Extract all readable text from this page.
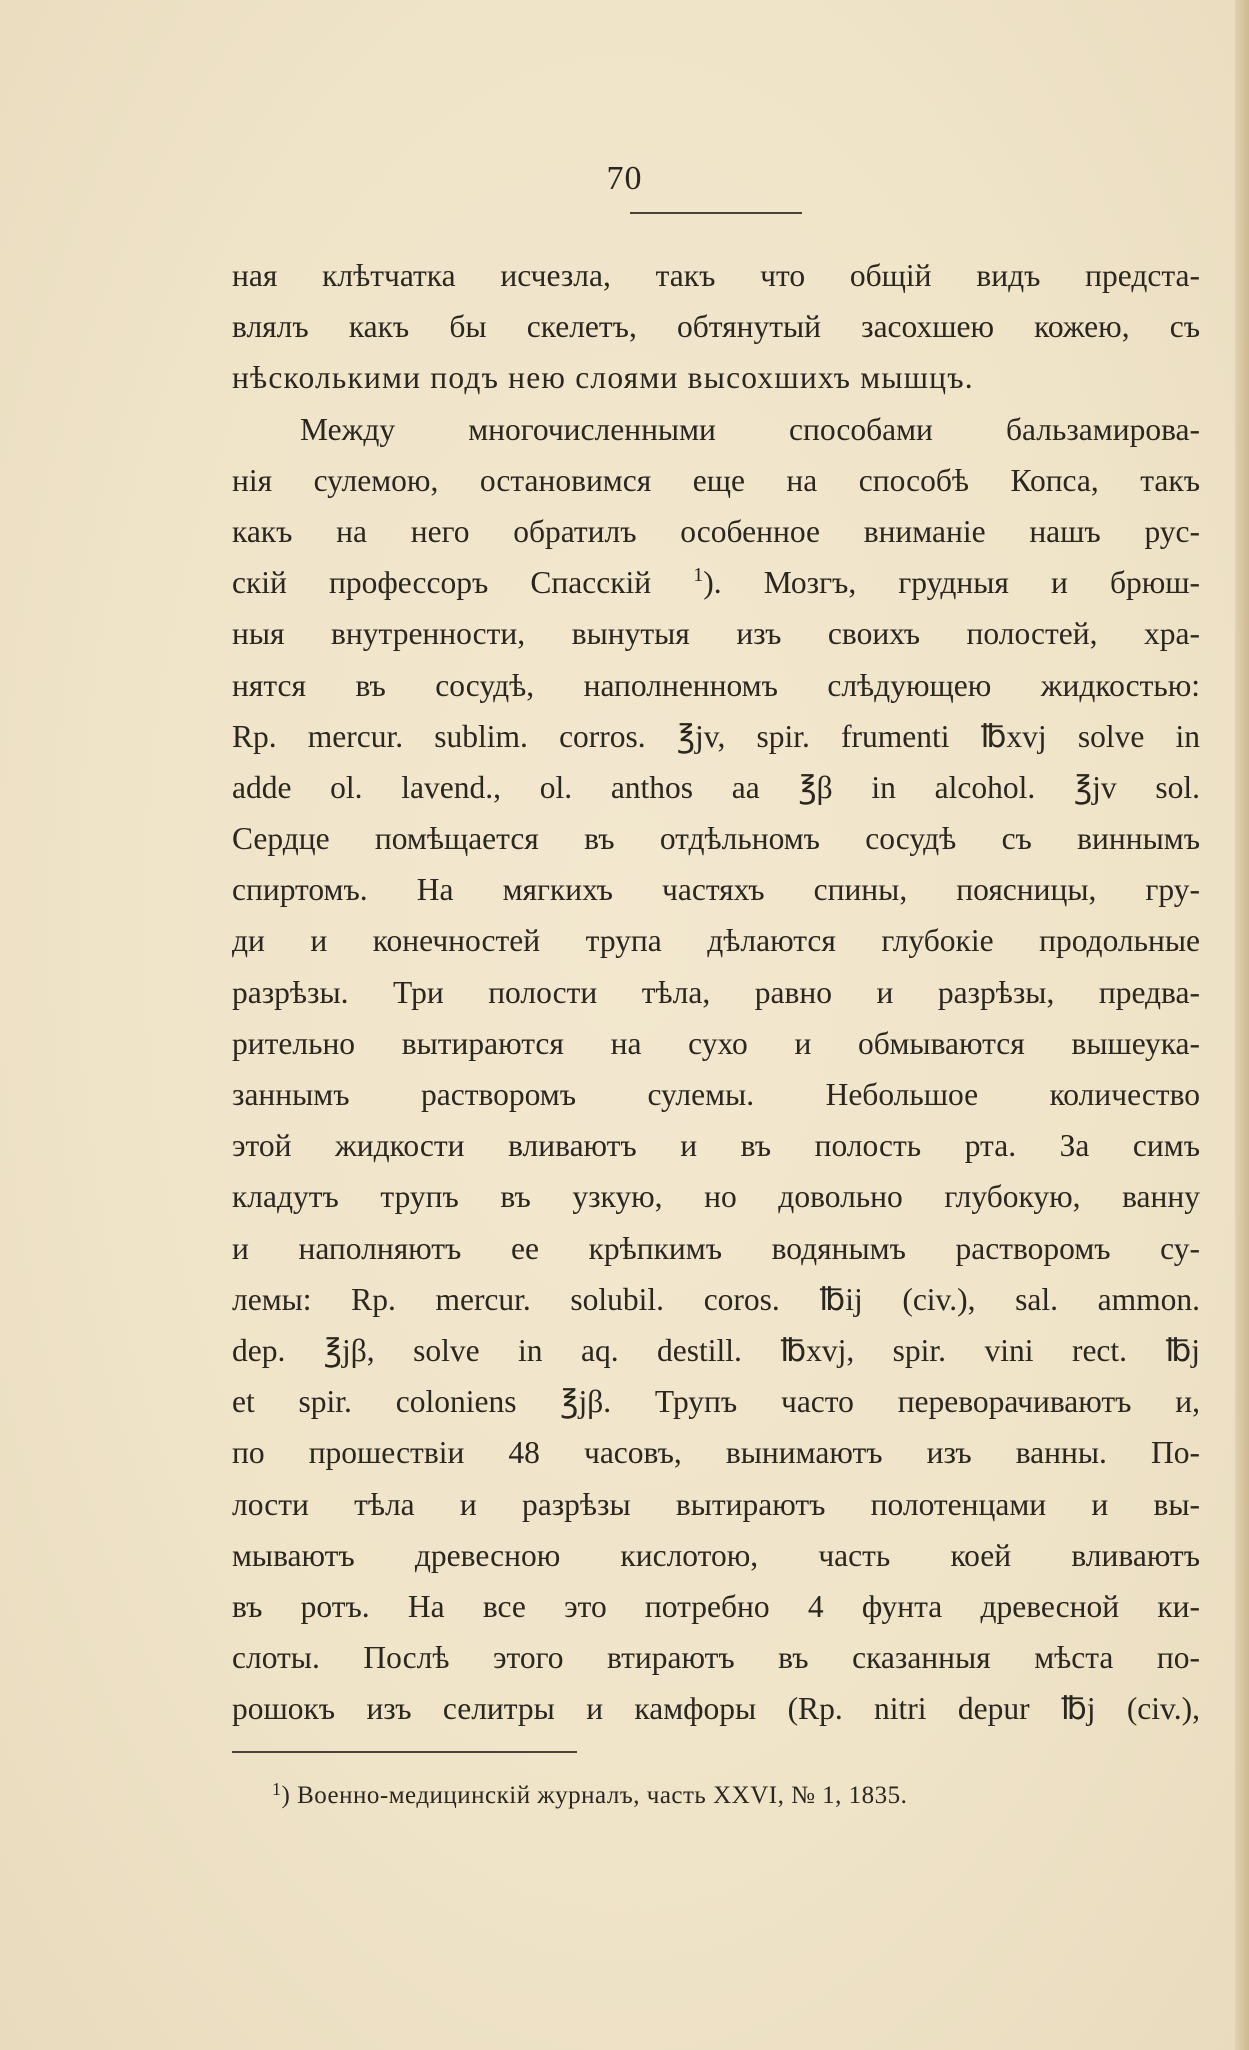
70
ная клѣтчатка исчезла, такъ что общій видъ предста-
влялъ какъ бы скелетъ, обтянутый засохшею кожею, съ
нѣсколькими подъ нею слоями высохшихъ мышцъ.
Между многочисленными способами бальзамирова-
нія сулемою, остановимся еще на способѣ Копса, такъ
какъ на него обратилъ особенное вниманіе нашъ рус-
скій профессоръ Спасскій $^1$). Мозгъ, грудныя и брюш-
ныя внутренности, вынутыя изъ своихъ полостей, хра-
нятся въ сосудѣ, наполненномъ слѣдующею жидкостью:
Rp. mercur. sublim. corros. ℥jv, spir. frumenti ℔xvj solve in
adde ol. lavend., ol. anthos aa ℥β in alcohol. ℥jv sol.
Сердце помѣщается въ отдѣльномъ сосудѣ съ виннымъ
спиртомъ. На мягкихъ частяхъ спины, поясницы, гру-
ди и конечностей трупа дѣлаются глубокіе продольные
разрѣзы. Три полости тѣла, равно и разрѣзы, предва-
рительно вытираются на сухо и обмываются вышеука-
заннымъ растворомъ сулемы. Небольшое количество
этой жидкости вливаютъ и въ полость рта. За симъ
кладутъ трупъ въ узкую, но довольно глубокую, ванну
и наполняютъ ее крѣпкимъ водянымъ растворомъ су-
лемы: Rp. mercur. solubil. coros. ℔ij (civ.), sal. ammon.
dep. ℥jβ, solve in aq. destill. ℔xvj, spir. vini rect. ℔j
et spir. coloniens ℥jβ. Трупъ часто переворачиваютъ и,
по прошествіи 48 часовъ, вынимаютъ изъ ванны. По-
лости тѣла и разрѣзы вытираютъ полотенцами и вы-
мываютъ древесною кислотою, часть коей вливаютъ
въ ротъ. На все это потребно 4 фунта древесной ки-
слоты. Послѣ этого втираютъ въ сказанныя мѣста по-
рошокъ изъ селитры и камфоры (Rp. nitri depur ℔j (civ.),
$^1$) Военно-медицинскій журналъ, часть XXVI, № 1, 1835.
